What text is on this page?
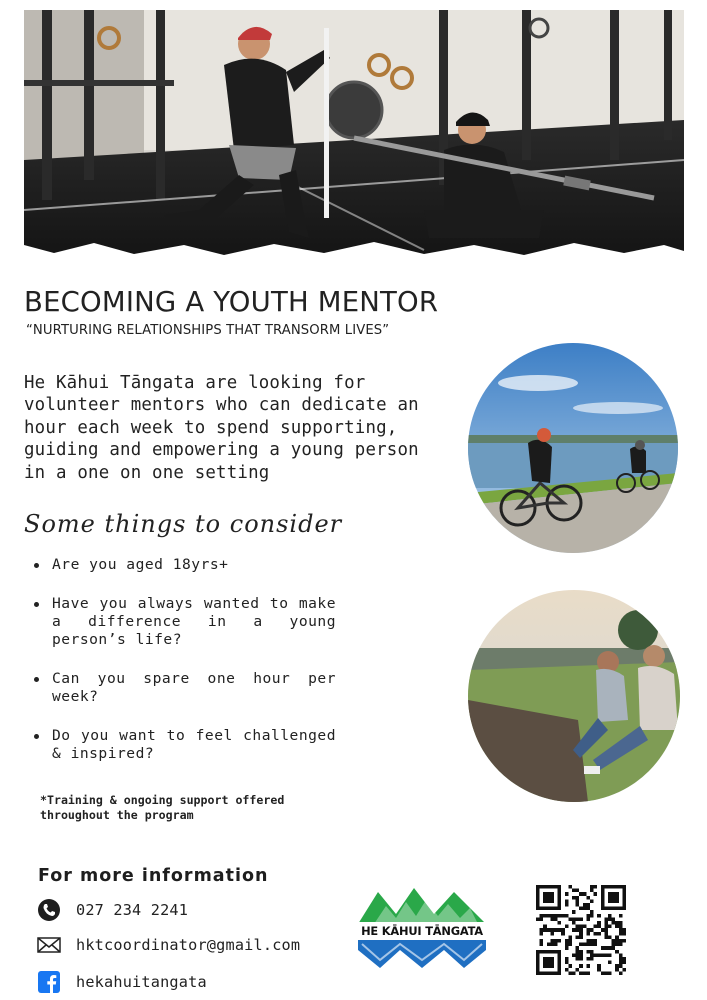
BECOMING A YOUTH MENTOR
“NURTURING RELATIONSHIPS THAT TRANSORM LIVES”

He Kāhui Tāngata are looking for volunteer mentors who can dedicate an hour each week to spend supporting, guiding and empowering a young person in a one on one setting

Some things to consider
Are you aged 18yrs+
Have you always wanted to make a difference in a young person’s life?
Can you spare one hour per week?
Do you want to feel challenged & inspired?

*Training & ongoing support offered throughout the program

For more information
027 234 2241
hktcoordinator@gmail.com
hekahuitangata
HE KĀHUI TĀNGATA
